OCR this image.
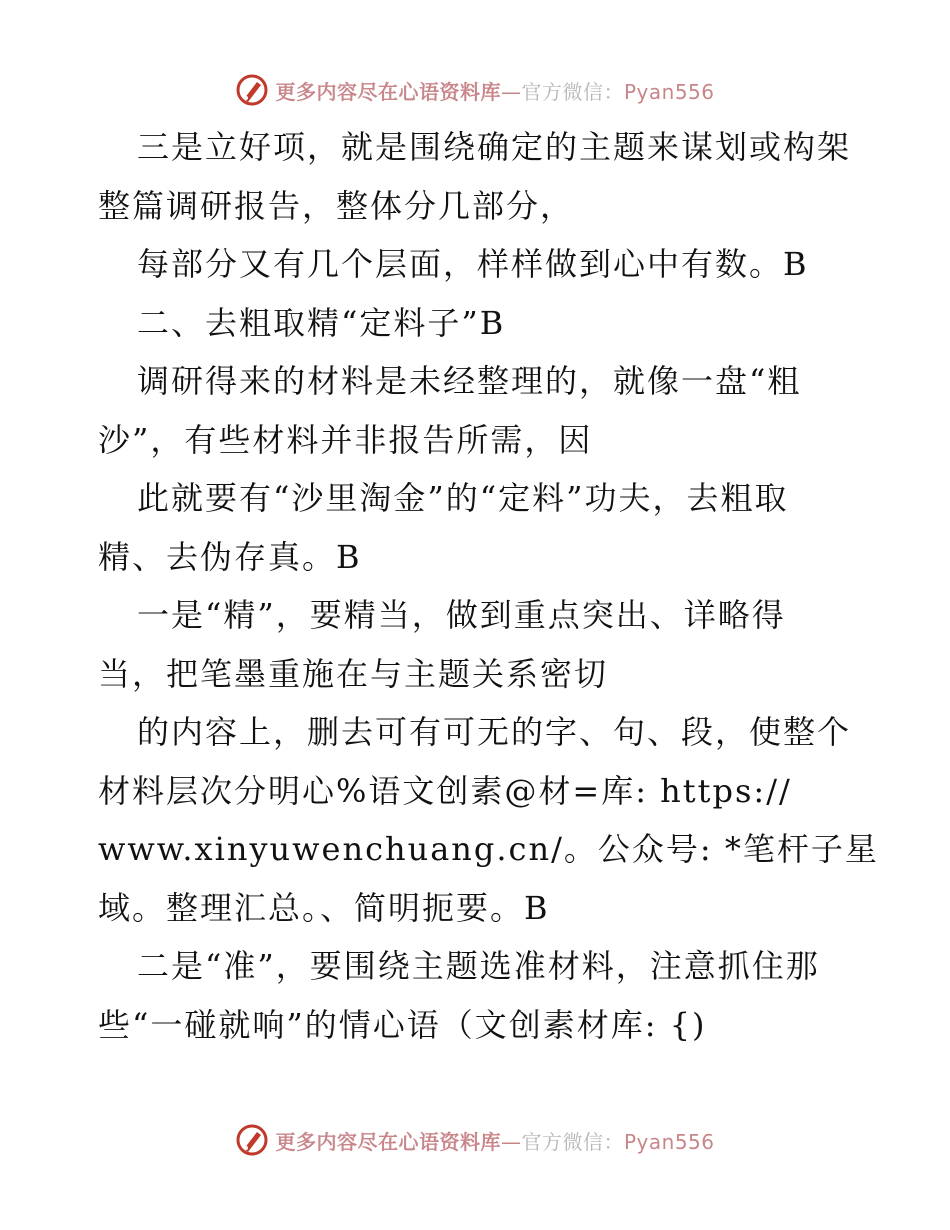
更多内容尽在心语资料库—官方微信：Pyan556
三是立好项，就是围绕确定的主题来谋划或构架
整篇调研报告，整体分几部分，
每部分又有几个层面，样样做到心中有数。B
二、去粗取精“定料子”B
调研得来的材料是未经整理的，就像一盘“粗
沙”，有些材料并非报告所需，因
此就要有“沙里淘金”的“定料”功夫，去粗取
精、去伪存真。B
一是“精”，要精当，做到重点突出、详略得
当，把笔墨重施在与主题关系密切
的内容上，删去可有可无的字、句、段，使整个
材料层次分明心%语文创素@材=库: https://
www.xinyuwenchuang.cn/。公众号: *笔杆子星
域。整理汇总。、简明扼要。B
二是“准”，要围绕主题选准材料，注意抓住那
些“一碰就响”的情心语（文创素材库: {)
更多内容尽在心语资料库—官方微信：Pyan556
